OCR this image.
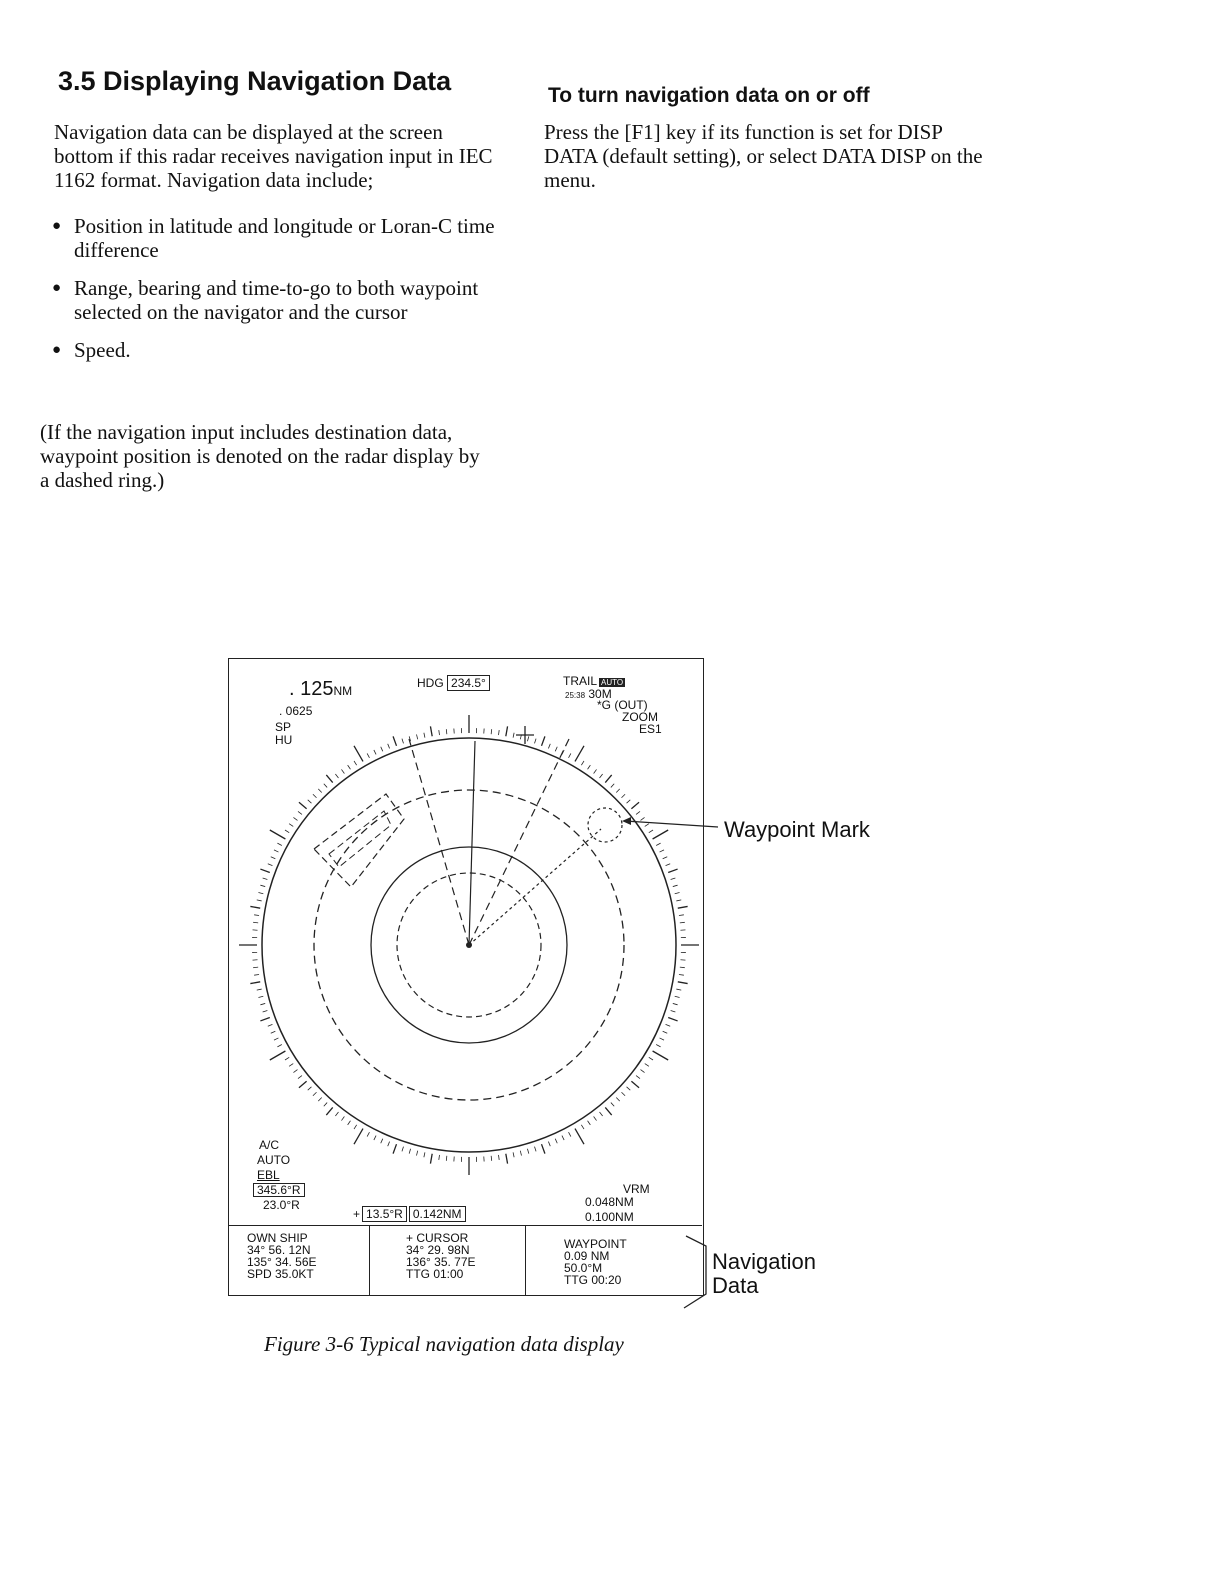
3.5 Displaying Navigation Data	To turn navigation data on or off
Navigation data can be displayed at the screen bottom if this radar receives navigation input in IEC 1162 format. Navigation data include;
Press the [F1] key if its function is set for DISP DATA (default setting), or select DATA DISP on the menu.
● Position in latitude and longitude or Loran-C time difference
● Range, bearing and time-to-go to both waypoint selected on the navigator and the cursor
● Speed.
(If the navigation input includes destination data, waypoint position is denoted on the radar display by a dashed ring.)
. 125NM
. 0625
SP
HU
HDG 234.5°	TRAIL AUTO
25:38 30M
*G (OUT)
ZOOM
ES1
A/C
AUTO
EBL
345.6°R
23.0°R
+ 13.5°R 0.142NM
VRM
0.048NM
0.100NM
OWN SHIP
34° 56. 12N
135° 34. 56E
SPD 35.0KT
+ CURSOR
34° 29. 98N
136° 35. 77E
TTG 01:00
WAYPOINT
0.09 NM
50.0°M
TTG 00:20
Waypoint Mark
Navigation
Data
Figure 3-6 Typical navigation data display
